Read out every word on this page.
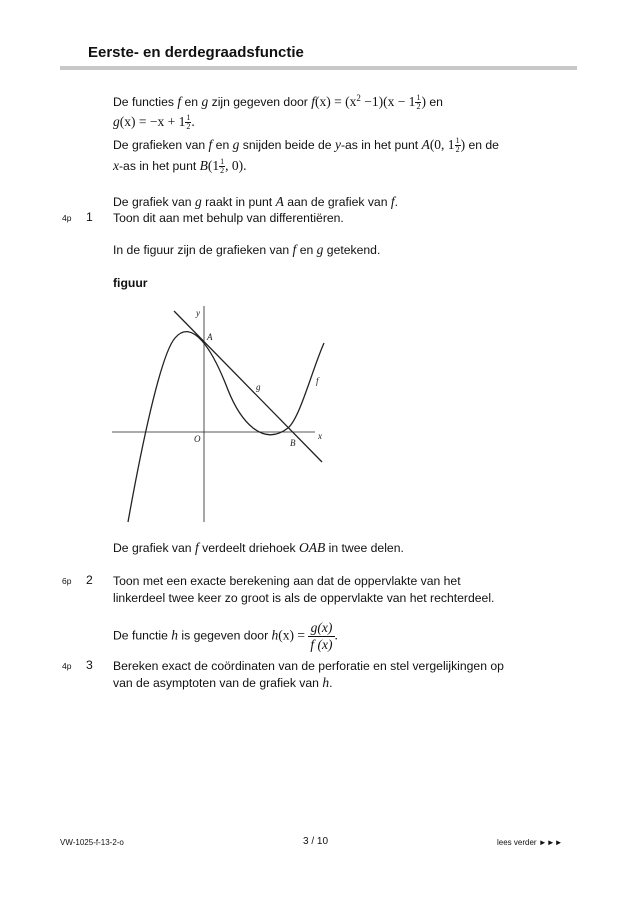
Eerste- en derdegraadsfunctie
De functies f en g zijn gegeven door $f(x) = (x^2 -1)(x - 1 \frac{1}{2}$ ) en
$g(x) = -x + 1 \frac{1}{2}$ .
De grafieken van f en g snijden beide de y-as in het punt A(0, $1 \frac{1}{2}$ ) en de
x-as in het punt $B(1 \frac{1}{2}$ , 0).
De grafiek van g raakt in punt A aan de grafiek van f.
4p 1 Toon dit aan met behulp van differentiëren.
In de figuur zijn de grafieken van f en g getekend.
figuur
y
A
f
g
O	x
B
De grafiek van f verdeelt driehoek OAB in twee delen.
6p 2 Toon met een exacte berekening aan dat de oppervlakte van het
linkerdeel twee keer zo groot is als de oppervlakte van het rechterdeel.
De functie h is gegeven door $h(x) = \frac{g(x)}{f (x)}$ .
4p 3 Bereken exact de coördinaten van de perforatie en stel vergelijkingen op
van de asymptoten van de grafiek van h.
VW-1025-f-13-2-o	3 / 10	lees verder ►►►
